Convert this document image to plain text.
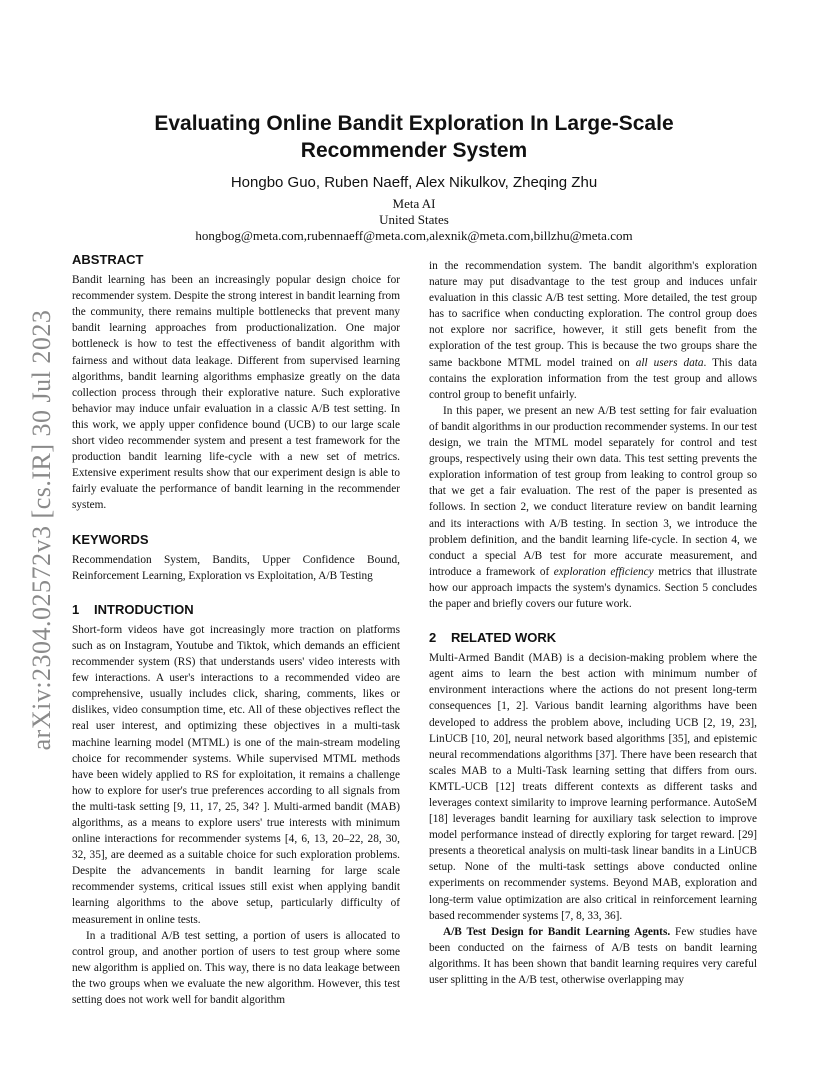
arXiv:2304.02572v3 [cs.IR] 30 Jul 2023
Evaluating Online Bandit Exploration In Large-Scale
Recommender System
Hongbo Guo, Ruben Naeff, Alex Nikulkov, Zheqing Zhu
Meta AI
United States
hongbog@meta.com,rubennaeff@meta.com,alexnik@meta.com,billzhu@meta.com
ABSTRACT

Bandit learning has been an increasingly popular design choice for recommender system. Despite the strong interest in bandit learning from the community, there remains multiple bottlenecks that prevent many bandit learning approaches from productionalization. One major bottleneck is how to test the effectiveness of bandit algorithm with fairness and without data leakage. Different from supervised learning algorithms, bandit learning algorithms emphasize greatly on the data collection process through their explorative nature. Such explorative behavior may induce unfair evaluation in a classic A/B test setting. In this work, we apply upper confidence bound (UCB) to our large scale short video recommender system and present a test framework for the production bandit learning life-cycle with a new set of metrics. Extensive experiment results show that our experiment design is able to fairly evaluate the performance of bandit learning in the recommender system.

KEYWORDS

Recommendation System, Bandits, Upper Confidence Bound, Reinforcement Learning, Exploration vs Exploitation, A/B Testing

1 INTRODUCTION

Short-form videos have got increasingly more traction on platforms such as on Instagram, Youtube and Tiktok, which demands an efficient recommender system (RS) that understands users' video interests with few interactions. A user's interactions to a recommended video are comprehensive, usually includes click, sharing, comments, likes or dislikes, video consumption time, etc. All of these objectives reflect the real user interest, and optimizing these objectives in a multi-task machine learning model (MTML) is one of the main-stream modeling choice for recommender systems. While supervised MTML methods have been widely applied to RS for exploitation, it remains a challenge how to explore for user's true preferences according to all signals from the multi-task setting [9, 11, 17, 25, 34? ]. Multi-armed bandit (MAB) algorithms, as a means to explore users' true interests with minimum online interactions for recommender systems [4, 6, 13, 20–22, 28, 30, 32, 35], are deemed as a suitable choice for such exploration problems. Despite the advancements in bandit learning for large scale recommender systems, critical issues still exist when applying bandit learning algorithms to the above setup, particularly difficulty of measurement in online tests.

In a traditional A/B test setting, a portion of users is allocated to control group, and another portion of users to test group where some new algorithm is applied on. This way, there is no data leakage between the two groups when we evaluate the new algorithm. However, this test setting does not work well for bandit algorithm

in the recommendation system. The bandit algorithm's exploration nature may put disadvantage to the test group and induces unfair evaluation in this classic A/B test setting. More detailed, the test group has to sacrifice when conducting exploration. The control group does not explore nor sacrifice, however, it still gets benefit from the exploration of the test group. This is because the two groups share the same backbone MTML model trained on all users data. This data contains the exploration information from the test group and allows control group to benefit unfairly.

In this paper, we present an new A/B test setting for fair evaluation of bandit algorithms in our production recommender systems. In our test design, we train the MTML model separately for control and test groups, respectively using their own data. This test setting prevents the exploration information of test group from leaking to control group so that we get a fair evaluation. The rest of the paper is presented as follows. In section 2, we conduct literature review on bandit learning and its interactions with A/B testing. In section 3, we introduce the problem definition, and the bandit learning life-cycle. In section 4, we conduct a special A/B test for more accurate measurement, and introduce a framework of exploration efficiency metrics that illustrate how our approach impacts the system's dynamics. Section 5 concludes the paper and briefly covers our future work.

2 RELATED WORK

Multi-Armed Bandit (MAB) is a decision-making problem where the agent aims to learn the best action with minimum number of environment interactions where the actions do not present long-term consequences [1, 2]. Various bandit learning algorithms have been developed to address the problem above, including UCB [2, 19, 23], LinUCB [10, 20], neural network based algorithms [35], and epistemic neural recommendations algorithms [37]. There have been research that scales MAB to a Multi-Task learning setting that differs from ours. KMTL-UCB [12] treats different contexts as different tasks and leverages context similarity to improve learning performance. AutoSeM [18] leverages bandit learning for auxiliary task selection to improve model performance instead of directly exploring for target reward. [29] presents a theoretical analysis on multi-task linear bandits in a LinUCB setup. None of the multi-task settings above conducted online experiments on recommender systems. Beyond MAB, exploration and long-term value optimization are also critical in reinforcement learning based recommender systems [7, 8, 33, 36].

A/B Test Design for Bandit Learning Agents. Few studies have been conducted on the fairness of A/B tests on bandit learning algorithms. It has been shown that bandit learning requires very careful user splitting in the A/B test, otherwise overlapping may
